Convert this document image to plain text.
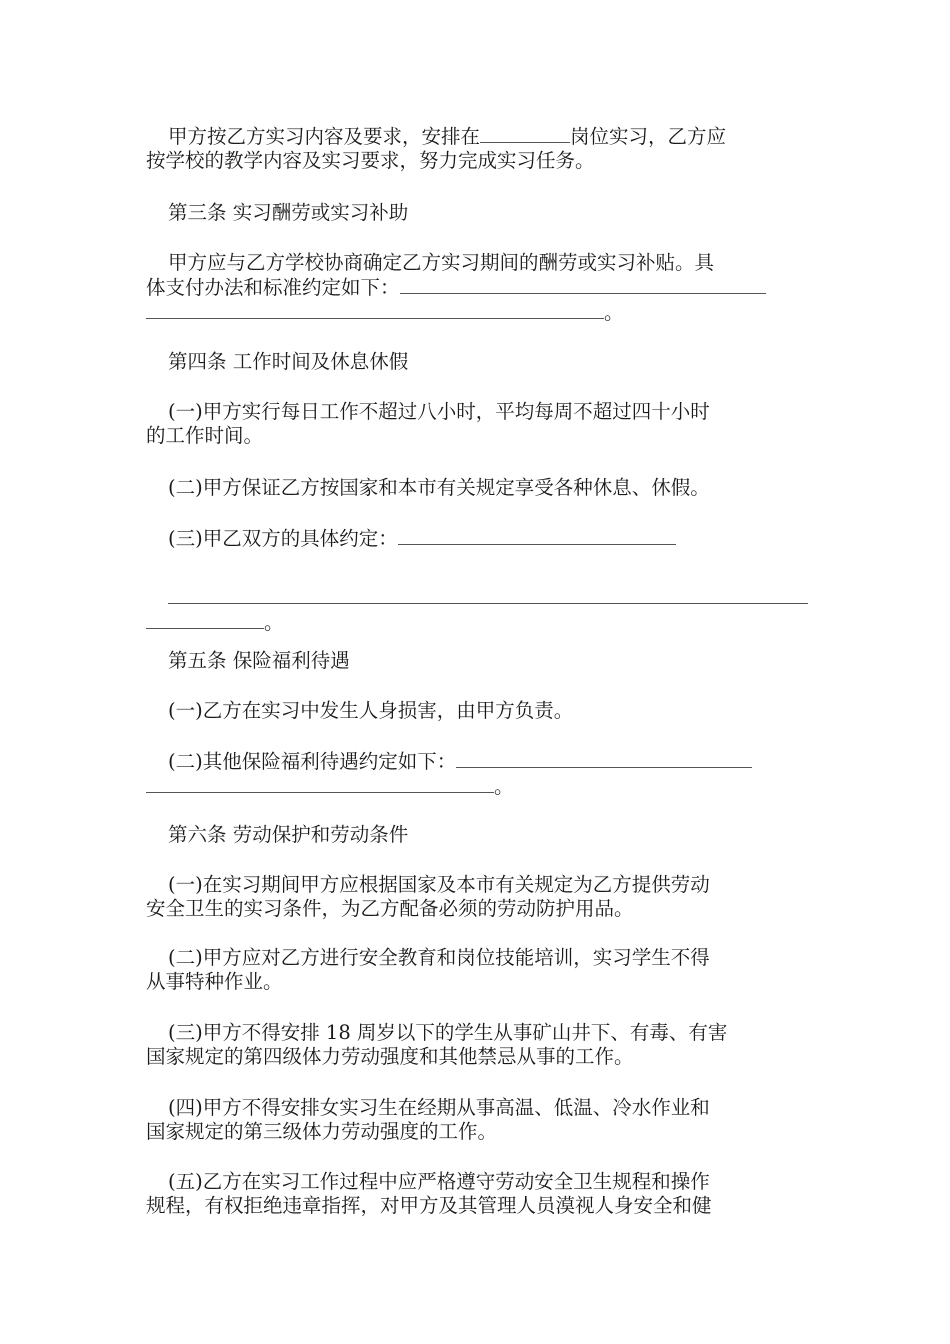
甲方按乙方实习内容及要求，安排在	岗位实习，乙方应
按学校的教学内容及实习要求，努力完成实习任务。
第三条 实习酬劳或实习补助
甲方应与乙方学校协商确定乙方实习期间的酬劳或实习补贴。具
体支付办法和标准约定如下：
。
第四条 工作时间及休息休假
(一)甲方实行每日工作不超过八小时，平均每周不超过四十小时
的工作时间。
(二)甲方保证乙方按国家和本市有关规定享受各种休息、休假。
(三)甲乙双方的具体约定：
。
第五条 保险福利待遇
(一)乙方在实习中发生人身损害，由甲方负责。
(二)其他保险福利待遇约定如下：
。
第六条 劳动保护和劳动条件
(一)在实习期间甲方应根据国家及本市有关规定为乙方提供劳动
安全卫生的实习条件，为乙方配备必须的劳动防护用品。
(二)甲方应对乙方进行安全教育和岗位技能培训，实习学生不得
从事特种作业。
(三)甲方不得安排 18 周岁以下的学生从事矿山井下、有毒、有害
国家规定的第四级体力劳动强度和其他禁忌从事的工作。
(四)甲方不得安排女实习生在经期从事高温、低温、冷水作业和
国家规定的第三级体力劳动强度的工作。
(五)乙方在实习工作过程中应严格遵守劳动安全卫生规程和操作
规程，有权拒绝违章指挥，对甲方及其管理人员漠视人身安全和健
